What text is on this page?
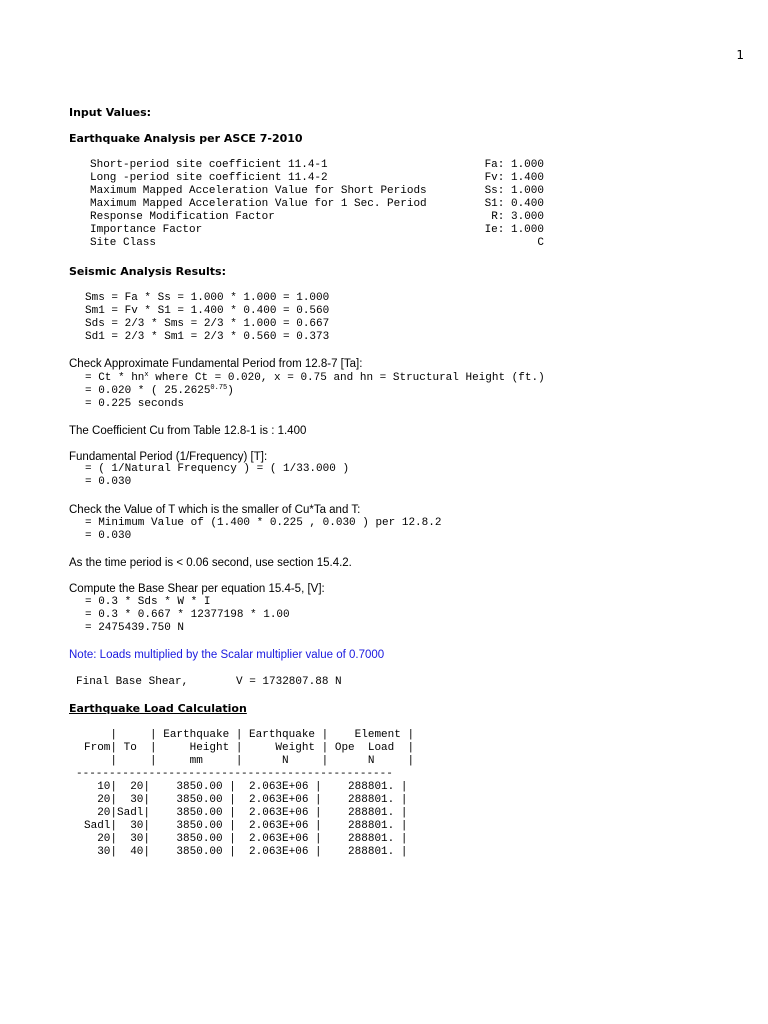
1
Input Values:
Earthquake Analysis per ASCE 7-2010
Short-period site coefficient 11.4-1	Fa: 1.000
Long -period site coefficient 11.4-2	Fv: 1.400
Maximum Mapped Acceleration Value for Short Periods	Ss: 1.000
Maximum Mapped Acceleration Value for 1 Sec. Period	S1: 0.400
Response Modification Factor	R: 3.000
Importance Factor	Ie: 1.000
Site Class	C
Seismic Analysis Results:
Sms = Fa * Ss = 1.000 * 1.000 = 1.000
Sm1 = Fv * S1 = 1.400 * 0.400 = 0.560
Sds = 2/3 * Sms = 2/3 * 1.000 = 0.667
Sd1 = 2/3 * Sm1 = 2/3 * 0.560 = 0.373
Check Approximate Fundamental Period from 12.8-7 [Ta]:
= Ct * $hn^x$ where Ct = 0.020, x = 0.75 and hn = Structural Height (ft.)
= 0.020 * ( $25.2625^{0.75}$)
= 0.225 seconds
The Coefficient Cu from Table 12.8-1 is : 1.400
Fundamental Period (1/Frequency) [T]:
= ( 1/Natural Frequency ) = ( 1/33.000 )
= 0.030
Check the Value of T which is the smaller of Cu*Ta and T:
= Minimum Value of (1.400 * 0.225 , 0.030 ) per 12.8.2
= 0.030
As the time period is < 0.06 second, use section 15.4.2.
Compute the Base Shear per equation 15.4-5, [V]:
= 0.3 * Sds * W * I
= 0.3 * 0.667 * 12377198 * 1.00
= 2475439.750 N
Note: Loads multiplied by the Scalar multiplier value of 0.7000
Final Base Shear,	V = 1732807.88 N
Earthquake Load Calculation
|     | Earthquake | Earthquake |    Element |
From| To  |     Height |     Weight | Ope  Load  |
|     |     mm     |      N     |      N     |
------------------------------------------------
10|  20|    3850.00 |  2.063E+06 |    288801. |
20|  30|    3850.00 |  2.063E+06 |    288801. |
20|Sadl|    3850.00 |  2.063E+06 |    288801. |
Sadl|  30|    3850.00 |  2.063E+06 |    288801. |
20|  30|    3850.00 |  2.063E+06 |    288801. |
30|  40|    3850.00 |  2.063E+06 |    288801. |
